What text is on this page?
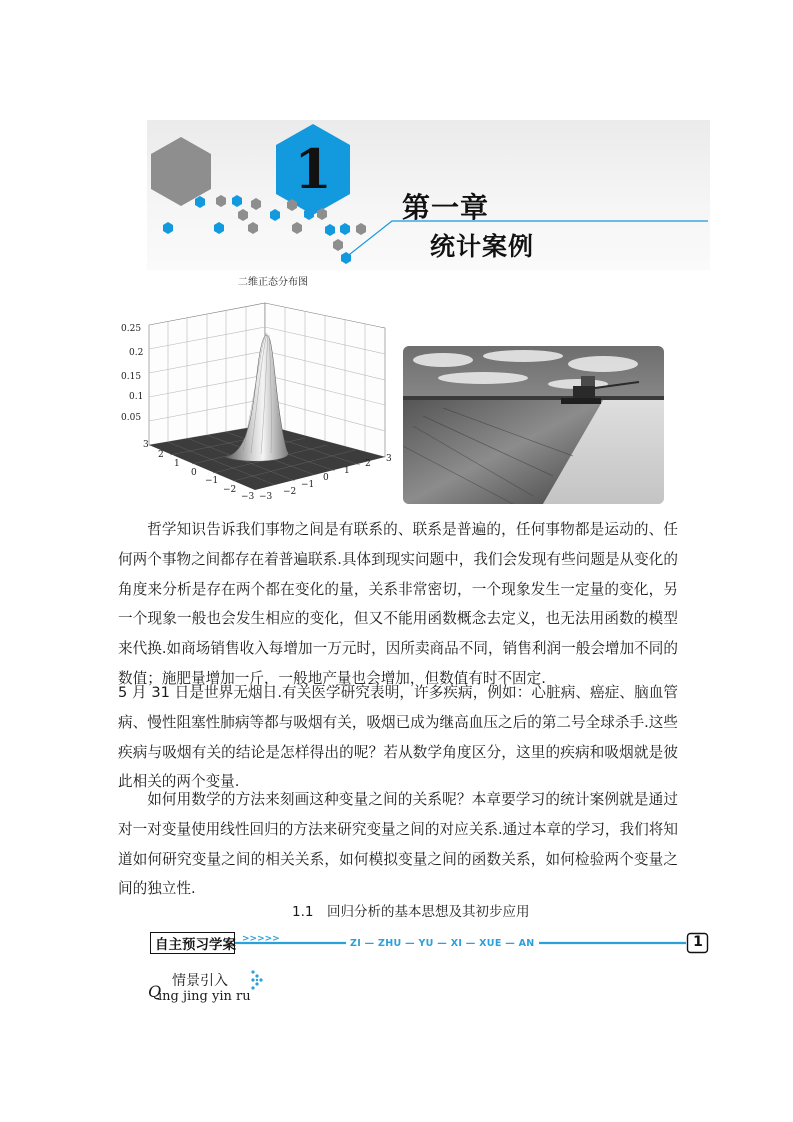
1
第一章
统计案例
二维正态分布图
0.25
0.2
0.15
0.1
0.05
3
2
1
0
−1
−2
−3 −3 −2
−1
0
1
2 3

哲学知识告诉我们事物之间是有联系的、联系是普遍的，任何事物都是运动的、任何两个事物之间都存在着普遍联系.具体到现实问题中，我们会发现有些问题是从变化的角度来分析是存在两个都在变化的量，关系非常密切，一个现象发生一定量的变化，另一个现象一般也会发生相应的变化，但又不能用函数概念去定义，也无法用函数的模型来代换.如商场销售收入每增加一万元时，因所卖商品不同，销售利润一般会增加不同的数值；施肥量增加一斤，一般地产量也会增加，但数值有时不固定.

5 月 31 日是世界无烟日.有关医学研究表明，许多疾病，例如：心脏病、癌症、脑血管病、慢性阻塞性肺病等都与吸烟有关，吸烟已成为继高血压之后的第二号全球杀手.这些疾病与吸烟有关的结论是怎样得出的呢？若从数学角度区分，这里的疾病和吸烟就是彼此相关的两个变量.

如何用数学的方法来刻画这种变量之间的关系呢？本章要学习的统计案例就是通过对一对变量使用线性回归的方法来研究变量之间的对应关系.通过本章的学习，我们将知道如何研究变量之间的相关关系，如何模拟变量之间的函数关系，如何检验两个变量之间的独立性.

1.1　回归分析的基本思想及其初步应用
自主预习学案 >>>>>	ZI — ZHU — YU — XI — XUE — AN	1
情景引入
Q
ing jing yin ru
